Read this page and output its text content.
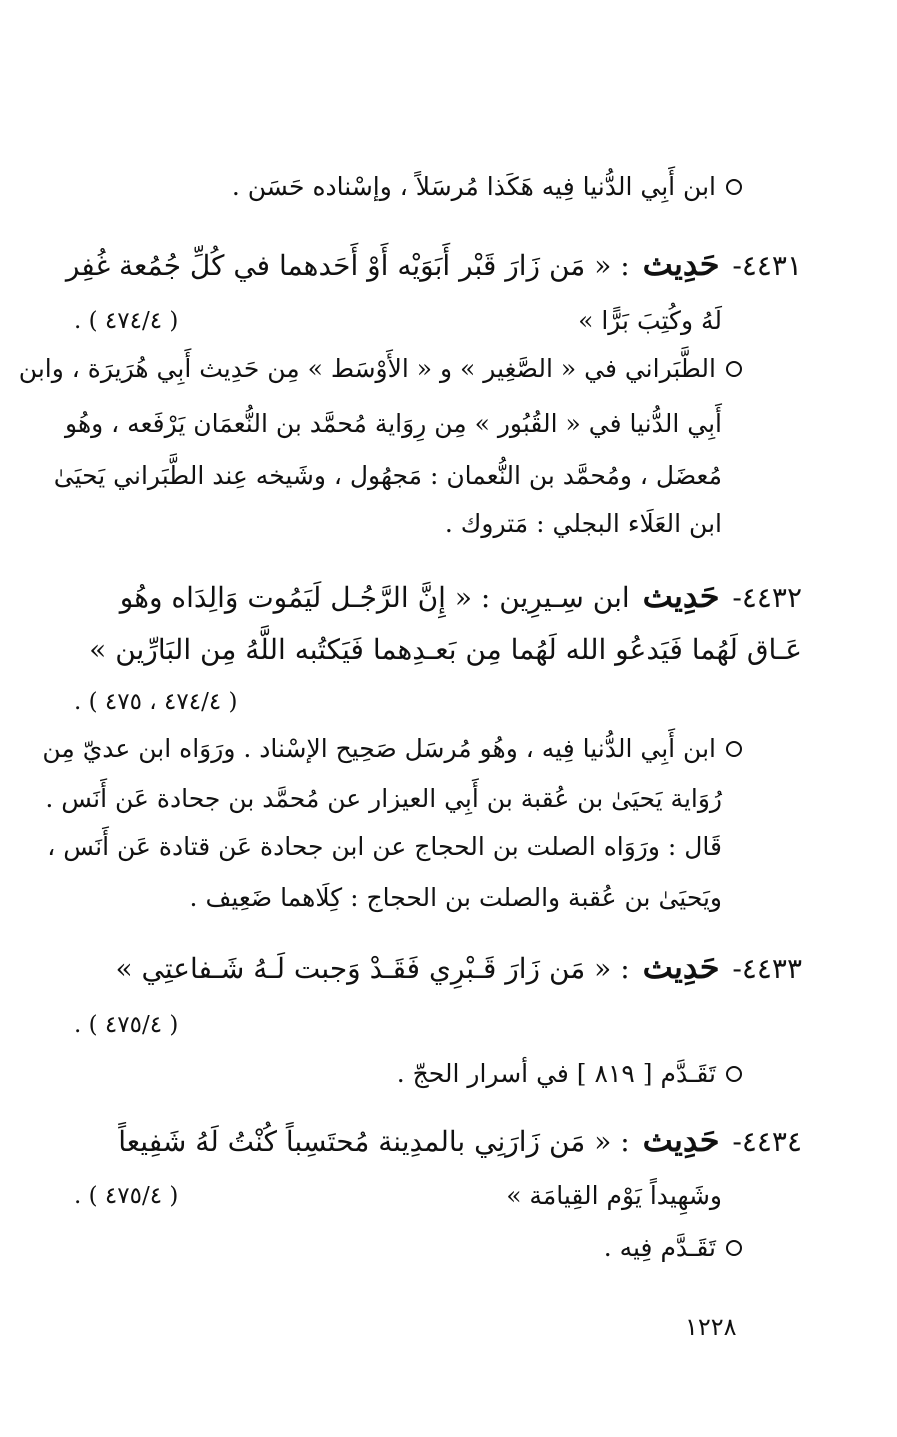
ابن أَبِي الدُّنيا فِيه هَكَذا مُرسَلاً ، وإسْناده حَسَن .
٤٤٣١- حَدِيث : « مَن زَارَ قَبْر أَبَوَيْه أَوْ أَحَدهما في كُلِّ جُمُعة غُفِر
لَهُ وكُتِبَ بَرًّا »
( ٤٧٤/٤ ) .
الطَّبَراني في « الصَّغِير » و « الأَوْسَط » مِن حَدِيث أَبِي هُرَيرَة ، وابن
أَبِي الدُّنيا في « القُبُور » مِن رِوَاية مُحمَّد بن النُّعمَان يَرْفَعه ، وهُو
مُعضَل ، ومُحمَّد بن النُّعمان : مَجهُول ، وشَيخه عِند الطَّبَراني يَحيَىٰ
ابن العَلَاء البجلي : مَتروك .
٤٤٣٢- حَدِيث ابن سِـيرِين : « إِنَّ الرَّجُـل لَيَمُوت وَالِدَاه وهُو
عَـاق لَهُما فَيَدعُو الله لَهُما مِن بَعـدِهما فَيَكتُبه اللَّهُ مِن البَارِّين »
( ٤٧٤/٤ ، ٤٧٥ ) .
ابن أَبِي الدُّنيا فِيه ، وهُو مُرسَل صَحِيح الإسْناد . ورَوَاه ابن عديّ مِن
رُوَاية يَحيَىٰ بن عُقبة بن أَبِي العيزار عن مُحمَّد بن جحادة عَن أَنَس .
قَال : ورَوَاه الصلت بن الحجاج عن ابن جحادة عَن قتادة عَن أَنَس ،
ويَحيَىٰ بن عُقبة والصلت بن الحجاج : كِلَاهما ضَعِيف .
٤٤٣٣- حَدِيث : « مَن زَارَ قَـبْرِي فَقَـدْ وَجبت لَـهُ شَـفاعتِي »
( ٤٧٥/٤ ) .
تَقَـدَّم [ ٨١٩ ] في أسرار الحجّ .
٤٤٣٤- حَدِيث : « مَن زَارَنِي بالمدِينة مُحتَسِباً كُنْتُ لَهُ شَفِيعاً
وشَهِيداً يَوْم القِيامَة »
( ٤٧٥/٤ ) .
تَقَـدَّم فِيه .
١٢٢٨
